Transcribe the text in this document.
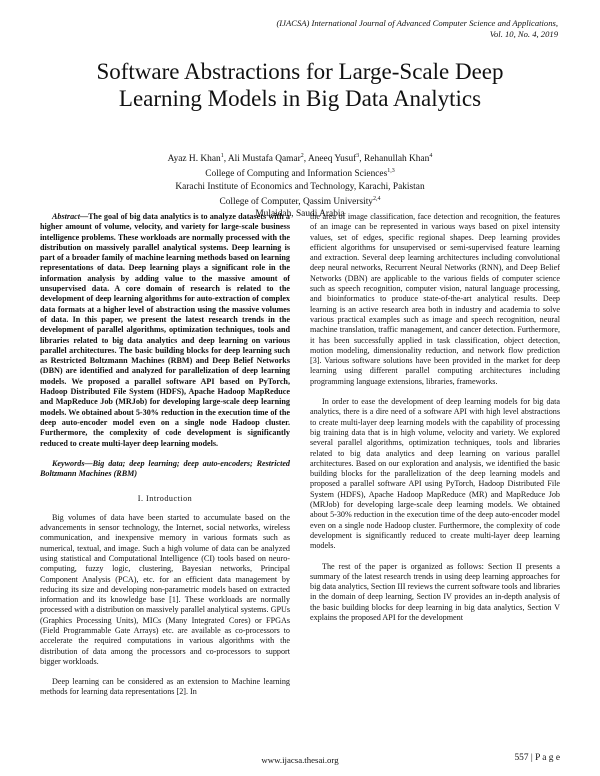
(IJACSA) International Journal of Advanced Computer Science and Applications,
Vol. 10, No. 4, 2019
Software Abstractions for Large-Scale Deep
Learning Models in Big Data Analytics
Ayaz H. Khan$^1$, Ali Mustafa Qamar$^2$, Aneeq Yusuf$^3$, Rehanullah Khan$^4$
College of Computing and Information Sciences$^{1,3}$
Karachi Institute of Economics and Technology, Karachi, Pakistan
College of Computer, Qassim University$^{2,4}$
Mulaidah, Saudi Arabia

Abstract—The goal of big data analytics is to analyze datasets with a higher amount of volume, velocity, and variety for large-scale business intelligence problems. These workloads are normally processed with the distribution on massively parallel analytical systems. Deep learning is part of a broader family of machine learning methods based on learning representations of data. Deep learning plays a significant role in the information analysis by adding value to the massive amount of unsupervised data. A core domain of research is related to the development of deep learning algorithms for auto-extraction of complex data formats at a higher level of abstraction using the massive volumes of data. In this paper, we present the latest research trends in the development of parallel algorithms, optimization techniques, tools and libraries related to big data analytics and deep learning on various parallel architectures. The basic building blocks for deep learning such as Restricted Boltzmann Machines (RBM) and Deep Belief Networks (DBN) are identified and analyzed for parallelization of deep learning models. We proposed a parallel software API based on PyTorch, Hadoop Distributed File System (HDFS), Apache Hadoop MapReduce and MapReduce Job (MRJob) for developing large-scale deep learning models. We obtained about 5-30% reduction in the execution time of the deep auto-encoder model even on a single node Hadoop cluster. Furthermore, the complexity of code development is significantly reduced to create multi-layer deep learning models.

Keywords—Big data; deep learning; deep auto-encoders; Restricted Boltzmann Machines (RBM)

I. Introduction

Big volumes of data have been started to accumulate based on the advancements in sensor technology, the Internet, social networks, wireless communication, and inexpensive memory in various formats such as numerical, textual, and image. Such a high volume of data can be analyzed using statistical and Computational Intelligence (CI) tools based on neuro-computing, fuzzy logic, clustering, Bayesian networks, Principal Component Analysis (PCA), etc. for an efficient data management by reducing its size and developing non-parametric models based on extracted information and its knowledge base [1]. These workloads are normally processed with a distribution on massively parallel analytical systems. GPUs (Graphics Processing Units), MICs (Many Integrated Cores) or FPGAs (Field Programmable Gate Arrays) etc. are available as co-processors to accelerate the required computations in various algorithms with the distribution of data among the processors and co-processors to support bigger workloads.

Deep learning can be considered as an extension to Machine learning methods for learning data representations [2]. In

the area of image classification, face detection and recognition, the features of an image can be represented in various ways based on pixel intensity values, set of edges, specific regional shapes. Deep learning provides efficient algorithms for unsupervised or semi-supervised feature learning and extraction. Several deep learning architectures including convolutional deep neural networks, Recurrent Neural Networks (RNN), and Deep Belief Networks (DBN) are applicable to the various fields of computer science such as speech recognition, computer vision, natural language processing, and bioinformatics to produce state-of-the-art analytical results. Deep learning is an active research area both in industry and academia to solve various practical examples such as image and speech recognition, neural machine translation, traffic management, and cancer detection. Furthermore, it has been successfully applied in task classification, object detection, motion modeling, dimensionality reduction, and network flow prediction [3]. Various software solutions have been provided in the market for deep learning using different parallel computing architectures including programming language extensions, libraries, frameworks.

In order to ease the development of deep learning models for big data analytics, there is a dire need of a software API with high level abstractions to create multi-layer deep learning models with the capability of processing big training data that is in high volume, velocity and variety. We explored several parallel algorithms, optimization techniques, tools and libraries related to big data analytics and deep learning on various parallel architectures. Based on our exploration and analysis, we identified the basic building blocks for the parallelization of the deep learning models and proposed a parallel software API using PyTorch, Hadoop Distributed File System (HDFS), Apache Hadoop MapReduce (MR) and MapReduce Job (MRJob) for developing large-scale deep learning models. We obtained about 5-30% reduction in the execution time of the deep auto-encoder model even on a single node Hadoop cluster. Furthermore, the complexity of code development is significantly reduced to create multi-layer deep learning models.

The rest of the paper is organized as follows: Section II presents a summary of the latest research trends in using deep learning approaches for big data analytics, Section III reviews the current software tools and libraries in the domain of deep learning, Section IV provides an in-depth analysis of the basic building blocks for deep learning in big data analytics, Section V explains the proposed API for the development

www.ijacsa.thesai.org	557 | P a g e
